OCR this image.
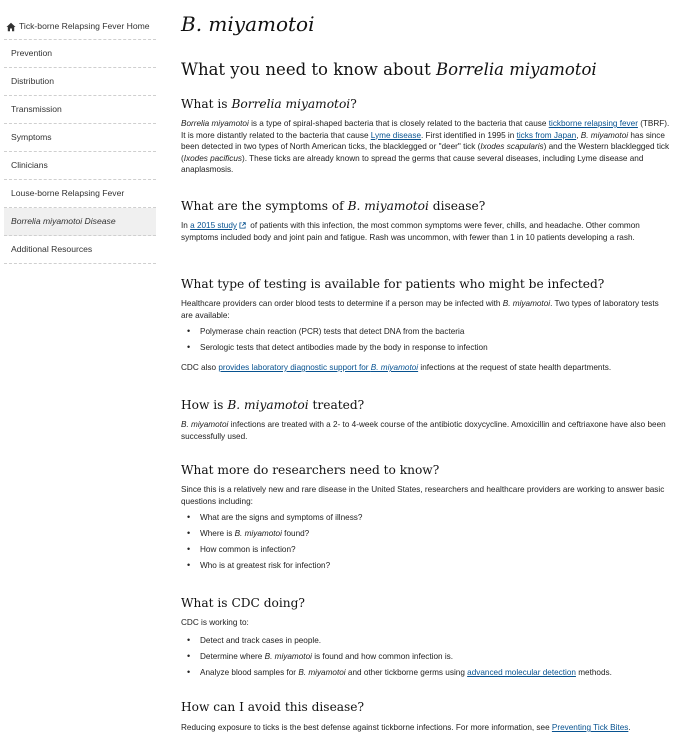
Tick-borne Relapsing Fever Home
Prevention
Distribution
Transmission
Symptoms
Clinicians
Louse-borne Relapsing Fever
Borrelia miyamotoi Disease
Additional Resources
B. miyamotoi
What you need to know about Borrelia miyamotoi
What is Borrelia miyamotoi?

Borrelia miyamotoi is a type of spiral-shaped bacteria that is closely related to the bacteria that cause tickborne relapsing fever (TBRF). It is more distantly related to the bacteria that cause Lyme disease. First identified in 1995 in ticks from Japan, B. miyamotoi has since been detected in two types of North American ticks, the blacklegged or "deer" tick (Ixodes scapularis) and the Western blacklegged tick (Ixodes pacificus). These ticks are already known to spread the germs that cause several diseases, including Lyme disease and anaplasmosis.

What are the symptoms of B. miyamotoi disease?

In a 2015 study of patients with this infection, the most common symptoms were fever, chills, and headache. Other common symptoms included body and joint pain and fatigue. Rash was uncommon, with fewer than 1 in 10 patients developing a rash.

What type of testing is available for patients who might be infected?

Healthcare providers can order blood tests to determine if a person may be infected with B. miyamotoi. Two types of laboratory tests are available:

• Polymerase chain reaction (PCR) tests that detect DNA from the bacteria
• Serologic tests that detect antibodies made by the body in response to infection

CDC also provides laboratory diagnostic support for B. miyamotoi infections at the request of state health departments.

How is B. miyamotoi treated?

B. miyamotoi infections are treated with a 2- to 4-week course of the antibiotic doxycycline. Amoxicillin and ceftriaxone have also been successfully used.

What more do researchers need to know?

Since this is a relatively new and rare disease in the United States, researchers and healthcare providers are working to answer basic questions including:

• What are the signs and symptoms of illness?
• Where is B. miyamotoi found?
• How common is infection?
• Who is at greatest risk for infection?
What is CDC doing?

CDC is working to:

• Detect and track cases in people.
• Determine where B. miyamotoi is found and how common infection is.
• Analyze blood samples for B. miyamotoi and other tickborne germs using advanced molecular detection methods.
How can I avoid this disease?

Reducing exposure to ticks is the best defense against tickborne infections. For more information, see Preventing Tick Bites.
